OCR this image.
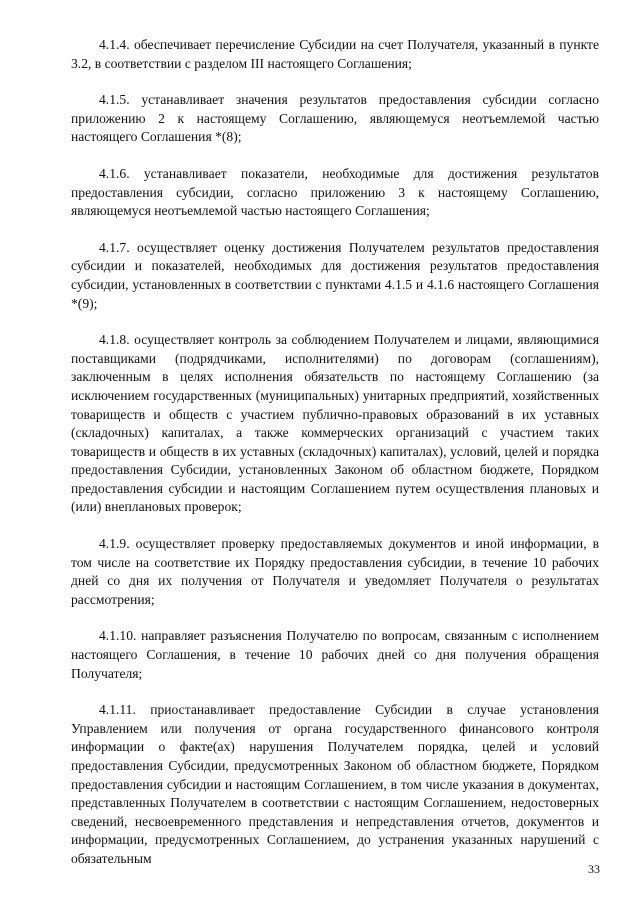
4.1.4. обеспечивает перечисление Субсидии на счет Получателя, указанный в пункте 3.2, в соответствии с разделом III настоящего Соглашения;

4.1.5. устанавливает значения результатов предоставления субсидии согласно приложению 2 к настоящему Соглашению, являющемуся неотъемлемой частью настоящего Соглашения *(8);

4.1.6. устанавливает показатели, необходимые для достижения результатов предоставления субсидии, согласно приложению 3 к настоящему Соглашению, являющемуся неотъемлемой частью настоящего Соглашения;

4.1.7. осуществляет оценку достижения Получателем результатов предоставления субсидии и показателей, необходимых для достижения результатов предоставления субсидии, установленных в соответствии с пунктами 4.1.5 и 4.1.6 настоящего Соглашения *(9);

4.1.8. осуществляет контроль за соблюдением Получателем и лицами, являющимися поставщиками (подрядчиками, исполнителями) по договорам (соглашениям), заключенным в целях исполнения обязательств по настоящему Соглашению (за исключением государственных (муниципальных) унитарных предприятий, хозяйственных товариществ и обществ с участием публично-правовых образований в их уставных (складочных) капиталах, а также коммерческих организаций с участием таких товариществ и обществ в их уставных (складочных) капиталах), условий, целей и порядка предоставления Субсидии, установленных Законом об областном бюджете, Порядком предоставления субсидии и настоящим Соглашением путем осуществления плановых и (или) внеплановых проверок;

4.1.9. осуществляет проверку предоставляемых документов и иной информации, в том числе на соответствие их Порядку предоставления субсидии, в течение 10 рабочих дней со дня их получения от Получателя и уведомляет Получателя о результатах рассмотрения;

4.1.10. направляет разъяснения Получателю по вопросам, связанным с исполнением настоящего Соглашения, в течение 10 рабочих дней со дня получения обращения Получателя;

4.1.11. приостанавливает предоставление Субсидии в случае установления Управлением или получения от органа государственного финансового контроля информации о факте(ах) нарушения Получателем порядка, целей и условий предоставления Субсидии, предусмотренных Законом об областном бюджете, Порядком предоставления субсидии и настоящим Соглашением, в том числе указания в документах, представленных Получателем в соответствии с настоящим Соглашением, недостоверных сведений, несвоевременного представления и непредставления отчетов, документов и информации, предусмотренных Соглашением, до устранения указанных нарушений с обязательным

33
